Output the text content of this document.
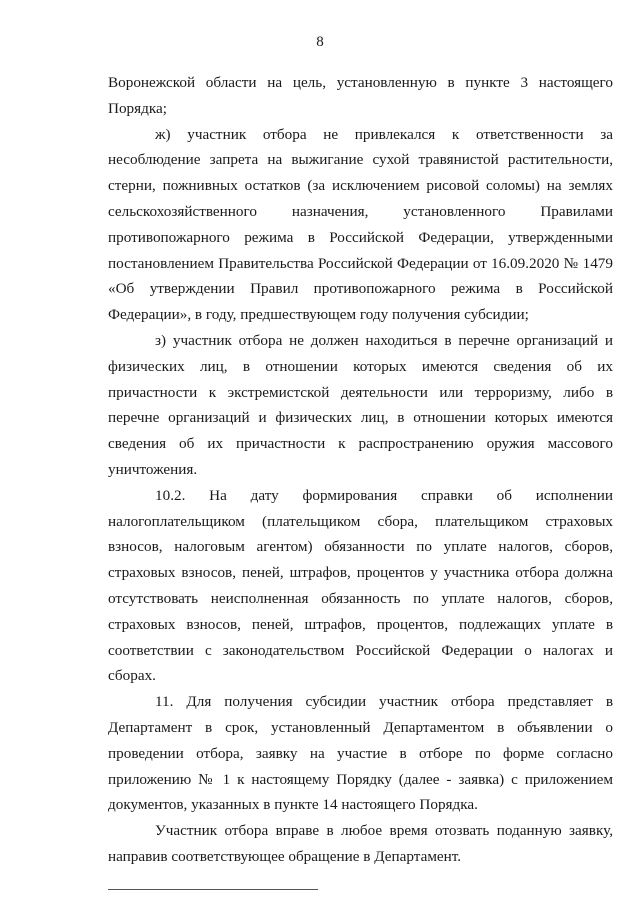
8

Воронежской области на цель, установленную в пункте 3 настоящего Порядка;

ж) участник отбора не привлекался к ответственности за несоблюдение запрета на выжигание сухой травянистой растительности, стерни, пожнивных остатков (за исключением рисовой соломы) на землях сельскохозяйственного назначения, установленного Правилами противопожарного режима в Российской Федерации, утвержденными постановлением Правительства Российской Федерации от 16.09.2020 № 1479 «Об утверждении Правил противопожарного режима в Российской Федерации», в году, предшествующем году получения субсидии;

з) участник отбора не должен находиться в перечне организаций и физических лиц, в отношении которых имеются сведения об их причастности к экстремистской деятельности или терроризму, либо в перечне организаций и физических лиц, в отношении которых имеются сведения об их причастности к распространению оружия массового уничтожения.

10.2. На дату формирования справки об исполнении налогоплательщиком (плательщиком сбора, плательщиком страховых взносов, налоговым агентом) обязанности по уплате налогов, сборов, страховых взносов, пеней, штрафов, процентов у участника отбора должна отсутствовать неисполненная обязанность по уплате налогов, сборов, страховых взносов, пеней, штрафов, процентов, подлежащих уплате в соответствии с законодательством Российской Федерации о налогах и сборах.

11. Для получения субсидии участник отбора представляет в Департамент в срок, установленный Департаментом в объявлении о проведении отбора, заявку на участие в отборе по форме согласно приложению № 1 к настоящему Порядку (далее - заявка) с приложением документов, указанных в пункте 14 настоящего Порядка.

Участник отбора вправе в любое время отозвать поданную заявку, направив соответствующее обращение в Департамент.
